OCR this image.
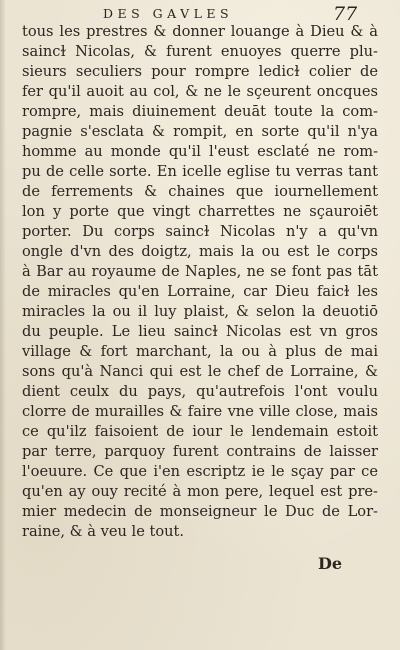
DES GAVLES	77
tous les prestres & donner louange à Dieu & à
saincɫ Nicolas, & furent enuoyes querre plu-
sieurs seculiers pour rompre ledicɫ colier de
fer qu'il auoit au col, & ne le sçeurent oncques
rompre, mais diuinement deuāt toute la com-
pagnie s'esclata & rompit, en sorte qu'il n'ya
homme au monde qu'il l'eust esclaté ne rom-
pu de celle sorte. En icelle eglise tu verras tant
de ferrements & chaines que iournellement
lon y porte que vingt charrettes ne sçauroiēt
porter. Du corps saincɫ Nicolas n'y a qu'vn
ongle d'vn des doigtz, mais la ou est le corps
à Bar au royaume de Naples, ne se font pas tāt
de miracles qu'en Lorraine, car Dieu faicɫ les
miracles la ou il luy plaist, & selon la deuotiō
du peuple. Le lieu saincɫ Nicolas est vn gros
village & fort marchant, la ou à plus de mai
sons qu'à Nanci qui est le chef de Lorraine, &
dient ceulx du pays, qu'autrefois l'ont voulu
clorre de murailles & faire vne ville close, mais
ce qu'ilz faisoient de iour le lendemain estoit
par terre, parquoy furent contrains de laisser
l'oeuure. Ce que i'en escriptz ie le sçay par ce
qu'en ay ouy recité à mon pere, lequel est pre-
mier medecin de monseigneur le Duc de Lor-
raine, & à veu le tout.
De
